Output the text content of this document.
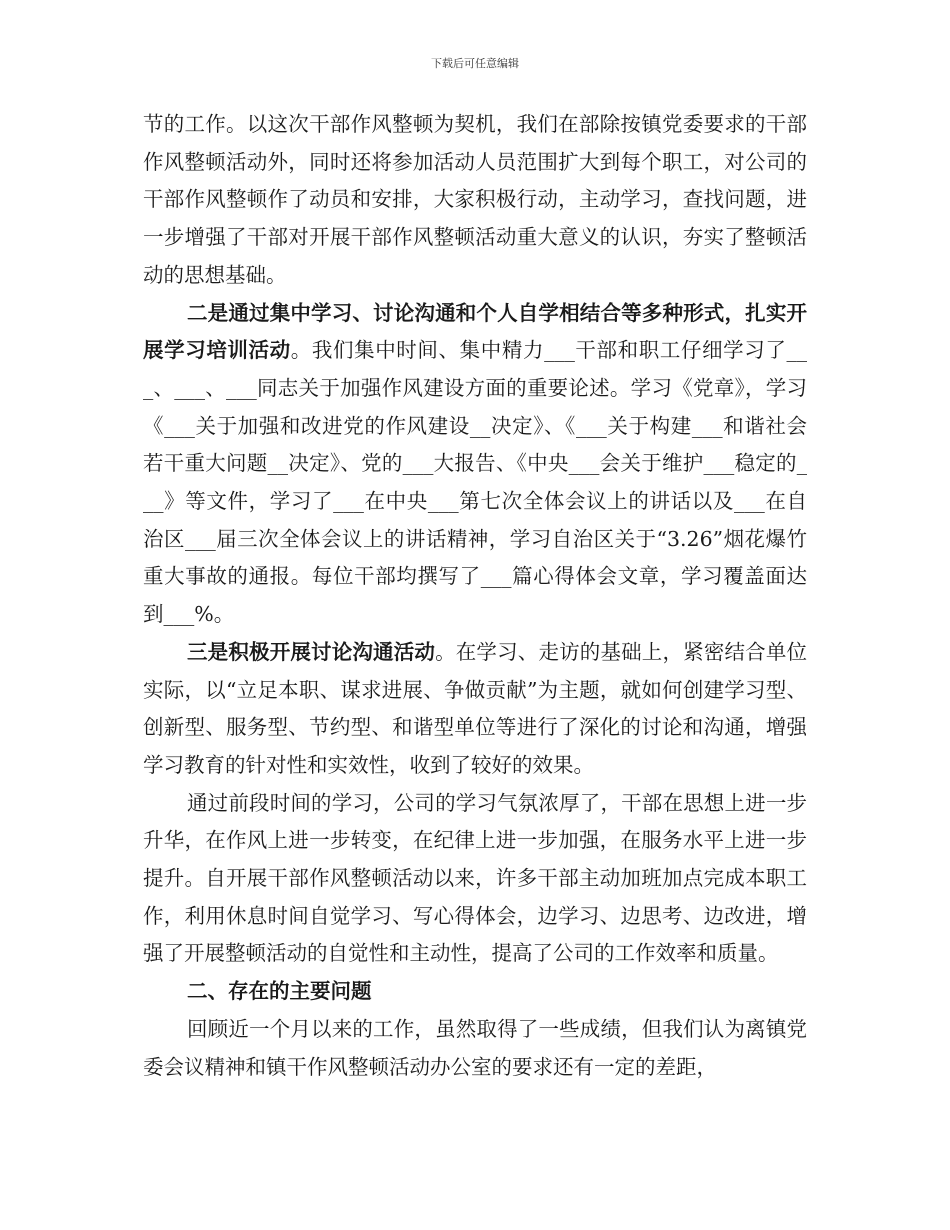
下载后可任意编辑

节的工作。以这次干部作风整顿为契机，我们在部除按镇党委要求的干部作风整顿活动外，同时还将参加活动人员范围扩大到每个职工，对公司的干部作风整顿作了动员和安排，大家积极行动，主动学习，查找问题，进一步增强了干部对开展干部作风整顿活动重大意义的认识，夯实了整顿活动的思想基础。

二是通过集中学习、讨论沟通和个人自学相结合等多种形式，扎实开展学习培训活动。我们集中时间、集中精力___干部和职工仔细学习了___、___、___同志关于加强作风建设方面的重要论述。学习《党章》，学习《___关于加强和改进党的作风建设__决定》、《___关于构建___和谐社会若干重大问题__决定》、党的___大报告、《中央___会关于维护___稳定的___》等文件，学习了___在中央___第七次全体会议上的讲话以及___在自治区___届三次全体会议上的讲话精神，学习自治区关于“3.26”烟花爆竹重大事故的通报。每位干部均撰写了___篇心得体会文章，学习覆盖面达到___%。

三是积极开展讨论沟通活动。在学习、走访的基础上，紧密结合单位实际，以“立足本职、谋求进展、争做贡献”为主题，就如何创建学习型、创新型、服务型、节约型、和谐型单位等进行了深化的讨论和沟通，增强学习教育的针对性和实效性，收到了较好的效果。

通过前段时间的学习，公司的学习气氛浓厚了，干部在思想上进一步升华，在作风上进一步转变，在纪律上进一步加强，在服务水平上进一步提升。自开展干部作风整顿活动以来，许多干部主动加班加点完成本职工作，利用休息时间自觉学习、写心得体会，边学习、边思考、边改进，增强了开展整顿活动的自觉性和主动性，提高了公司的工作效率和质量。

二、存在的主要问题

回顾近一个月以来的工作，虽然取得了一些成绩，但我们认为离镇党委会议精神和镇干作风整顿活动办公室的要求还有一定的差距，
